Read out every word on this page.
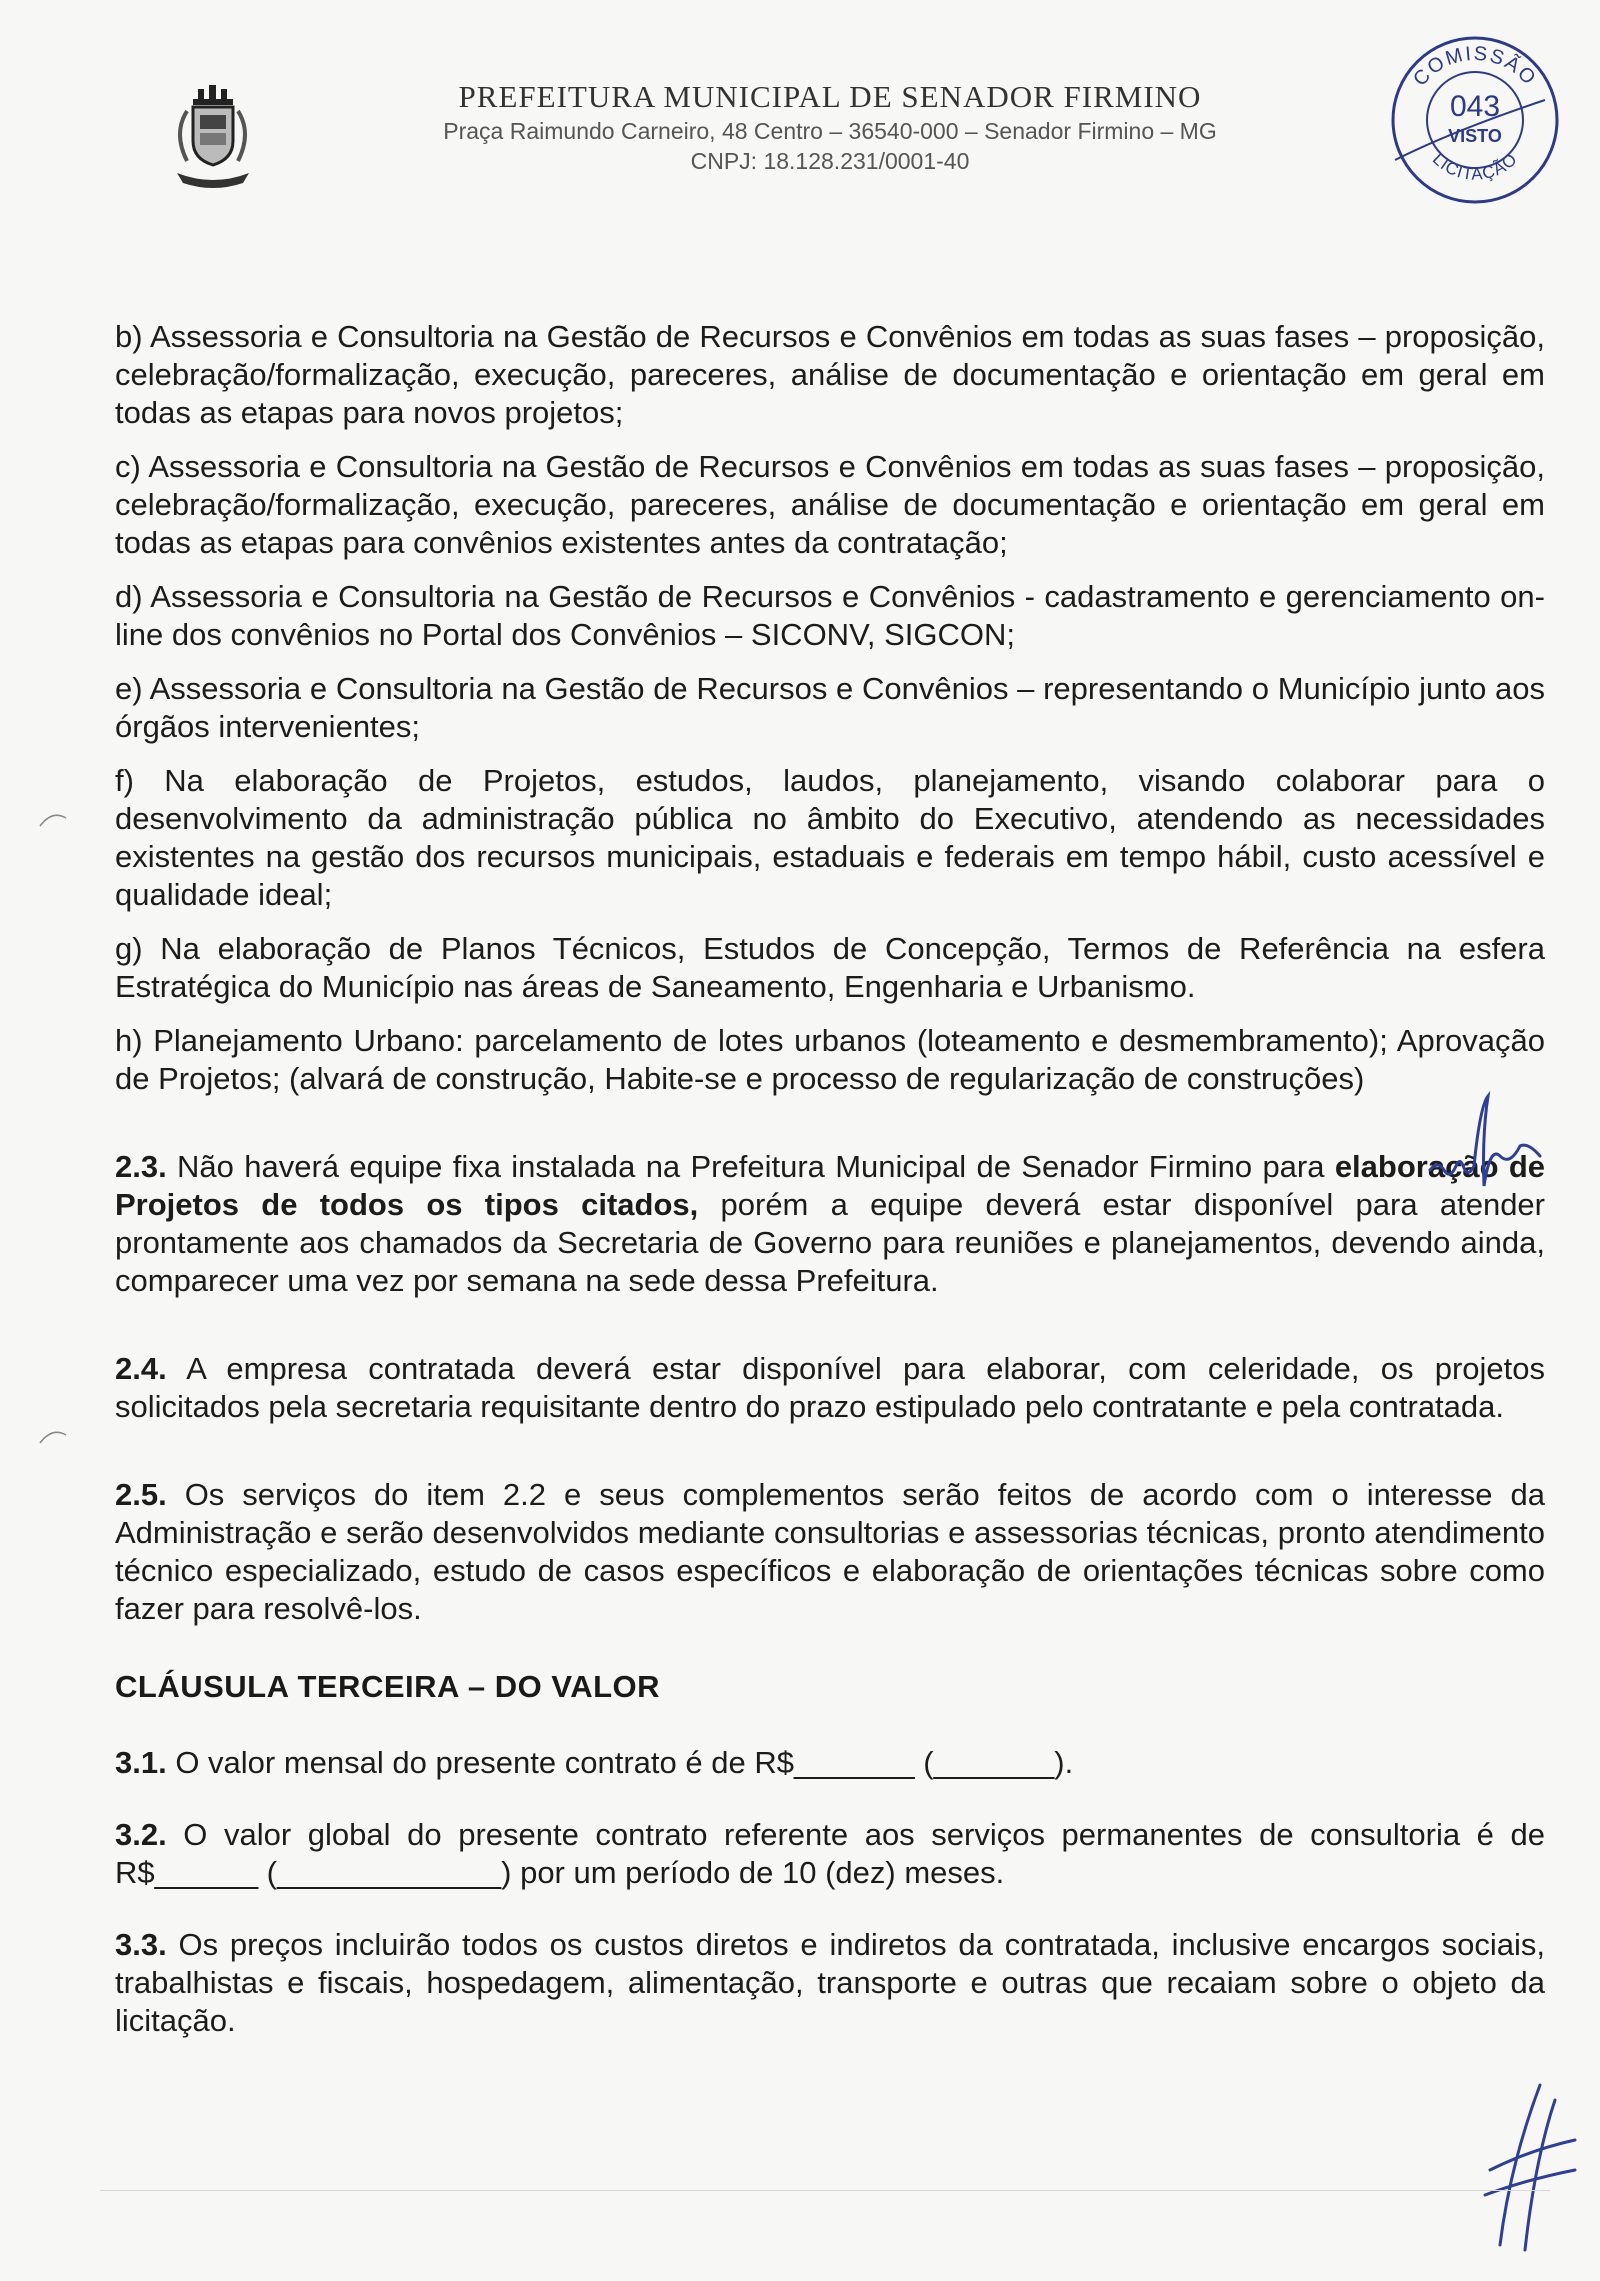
PREFEITURA MUNICIPAL DE SENADOR FIRMINO
Praça Raimundo Carneiro, 48 Centro – 36540-000 – Senador Firmino – MG
CNPJ: 18.128.231/0001-40
COMISSÃO
043
VISTO
LICITAÇÃO

b) Assessoria e Consultoria na Gestão de Recursos e Convênios em todas as suas fases – proposição, celebração/formalização, execução, pareceres, análise de documentação e orientação em geral em todas as etapas para novos projetos;

c) Assessoria e Consultoria na Gestão de Recursos e Convênios em todas as suas fases – proposição, celebração/formalização, execução, pareceres, análise de documentação e orientação em geral em todas as etapas para convênios existentes antes da contratação;

d) Assessoria e Consultoria na Gestão de Recursos e Convênios - cadastramento e gerenciamento on-line dos convênios no Portal dos Convênios – SICONV, SIGCON;

e) Assessoria e Consultoria na Gestão de Recursos e Convênios – representando o Município junto aos órgãos intervenientes;

f) Na elaboração de Projetos, estudos, laudos, planejamento, visando colaborar para o desenvolvimento da administração pública no âmbito do Executivo, atendendo as necessidades existentes na gestão dos recursos municipais, estaduais e federais em tempo hábil, custo acessível e qualidade ideal;

g) Na elaboração de Planos Técnicos, Estudos de Concepção, Termos de Referência na esfera Estratégica do Município nas áreas de Saneamento, Engenharia e Urbanismo.

h) Planejamento Urbano: parcelamento de lotes urbanos (loteamento e desmembramento); Aprovação de Projetos; (alvará de construção, Habite-se e processo de regularização de construções)

2.3. Não haverá equipe fixa instalada na Prefeitura Municipal de Senador Firmino para elaboração de Projetos de todos os tipos citados, porém a equipe deverá estar disponível para atender prontamente aos chamados da Secretaria de Governo para reuniões e planejamentos, devendo ainda, comparecer uma vez por semana na sede dessa Prefeitura.

2.4. A empresa contratada deverá estar disponível para elaborar, com celeridade, os projetos solicitados pela secretaria requisitante dentro do prazo estipulado pelo contratante e pela contratada.

2.5. Os serviços do item 2.2 e seus complementos serão feitos de acordo com o interesse da Administração e serão desenvolvidos mediante consultorias e assessorias técnicas, pronto atendimento técnico especializado, estudo de casos específicos e elaboração de orientações técnicas sobre como fazer para resolvê-los.

CLÁUSULA TERCEIRA – DO VALOR

3.1. O valor mensal do presente contrato é de R$_______ (_______).

3.2. O valor global do presente contrato referente aos serviços permanentes de consultoria é de R$______ (_____________) por um período de 10 (dez) meses.

3.3. Os preços incluirão todos os custos diretos e indiretos da contratada, inclusive encargos sociais, trabalhistas e fiscais, hospedagem, alimentação, transporte e outras que recaiam sobre o objeto da licitação.
